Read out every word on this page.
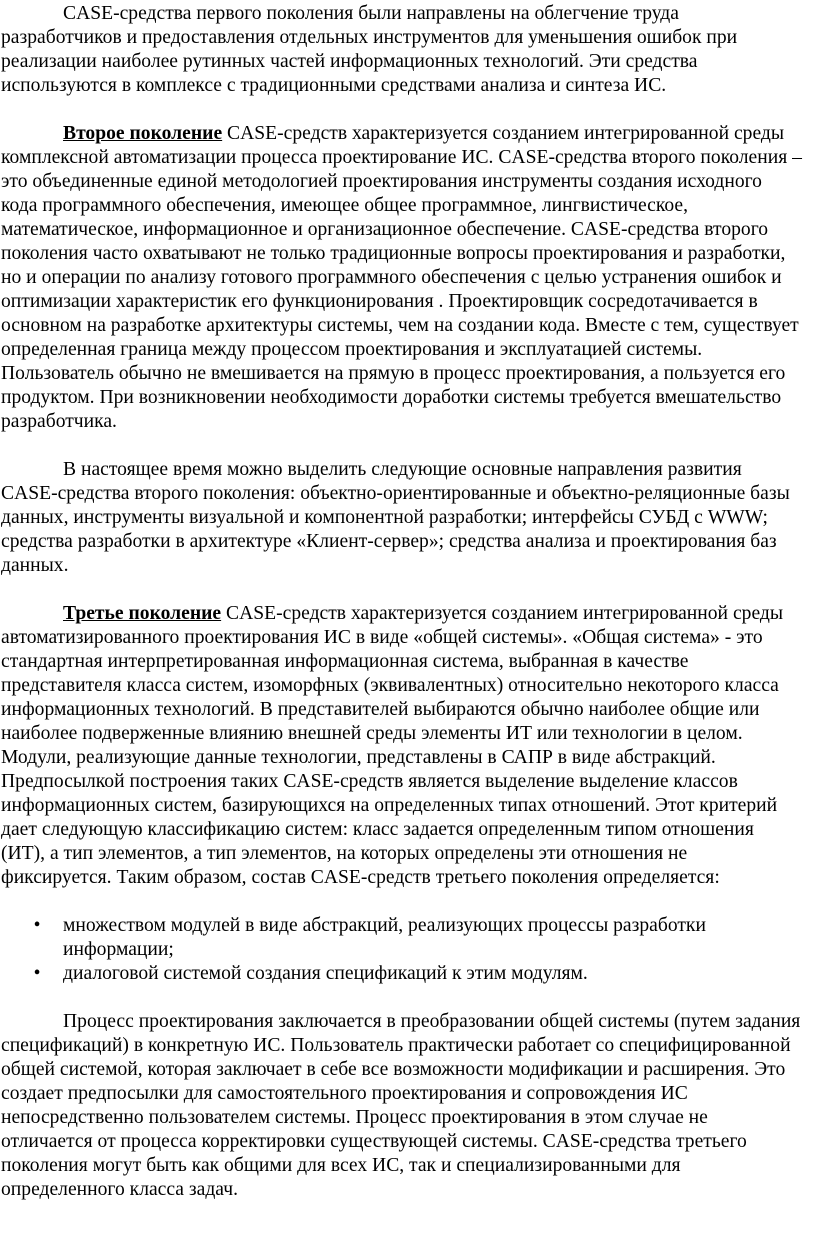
CASE-средства первого поколения были направлены на облегчение труда разработчиков и предоставления отдельных инструментов для уменьшения ошибок при реализации наиболее рутинных частей информационных технологий. Эти средства используются в комплексе с традиционными средствами анализа и синтеза ИС.

Второе поколение CASE-средств характеризуется созданием интегрированной среды комплексной автоматизации процесса проектирование ИС. CASE-средства второго поколения – это объединенные единой методологией проектирования инструменты создания исходного кода программного обеспечения, имеющее общее программное, лингвистическое, математическое, информационное и организационное обеспечение. CASE-средства второго поколения часто охватывают не только традиционные вопросы проектирования и разработки, но и операции по анализу готового программного обеспечения с целью устранения ошибок и оптимизации характеристик его функционирования . Проектировщик сосредотачивается в основном на разработке архитектуры системы, чем на создании кода. Вместе с тем, существует определенная граница между процессом проектирования и эксплуатацией системы. Пользователь обычно не вмешивается на прямую в процесс проектирования, а пользуется его продуктом. При возникновении необходимости доработки системы требуется вмешательство разработчика.

В настоящее время можно выделить следующие основные направления развития CASE-средства второго поколения: объектно-ориентированные и объектно-реляционные базы данных, инструменты визуальной и компонентной разработки; интерфейсы СУБД с WWW; средства разработки в архитектуре «Клиент-сервер»; средства анализа и проектирования баз данных.

Третье поколение CASE-средств характеризуется созданием интегрированной среды автоматизированного проектирования ИС в виде «общей системы». «Общая система» - это стандартная интерпретированная информационная система, выбранная в качестве представителя класса систем, изоморфных (эквивалентных) относительно некоторого класса информационных технологий. В представителей выбираются обычно наиболее общие или наиболее подверженные влиянию внешней среды элементы ИТ или технологии в целом. Модули, реализующие данные технологии, представлены в САПР в виде абстракций. Предпосылкой построения таких CASE-средств является выделение выделение классов информационных систем, базирующихся на определенных типах отношений. Этот критерий дает следующую классификацию систем: класс задается определенным типом отношения (ИТ), а тип элементов, а тип элементов, на которых определены эти отношения не фиксируется. Таким образом, состав CASE-средств третьего поколения определяется:

•	множеством модулей в виде абстракций, реализующих процессы разработки информации;
•	диалоговой системой создания спецификаций к этим модулям.

Процесс проектирования заключается в преобразовании общей системы (путем задания спецификаций) в конкретную ИС. Пользователь практически работает со специфицированной общей системой, которая заключает в себе все возможности модификации и расширения. Это создает предпосылки для самостоятельного проектирования и сопровождения ИС непосредственно пользователем системы. Процесс проектирования в этом случае не отличается от процесса корректировки существующей системы. CASE-средства третьего поколения могут быть как общими для всех ИС, так и специализированными для определенного класса задач.
